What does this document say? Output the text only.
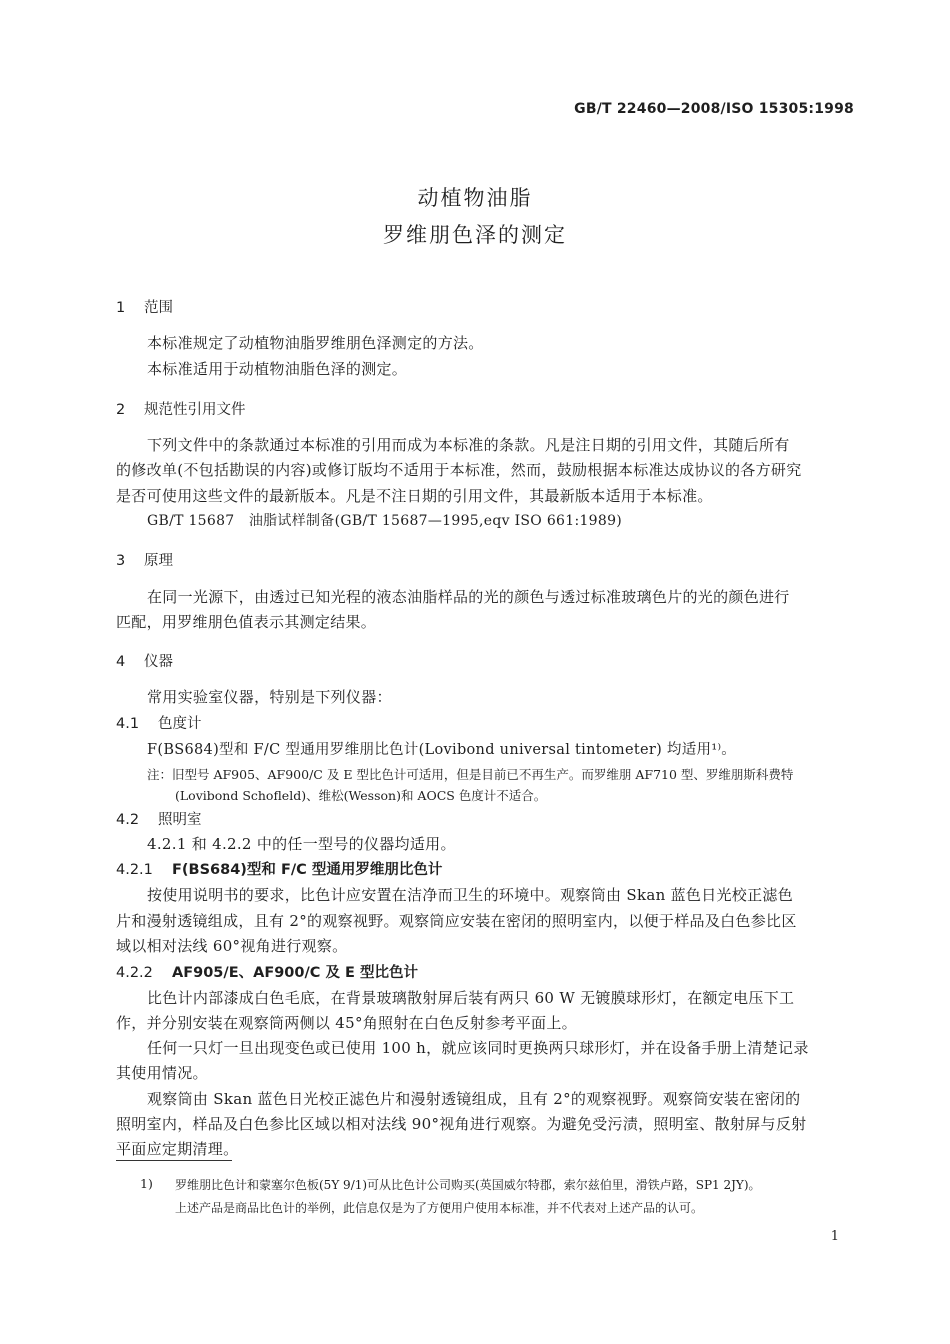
GB/T 22460—2008/ISO 15305:1998
动植物油脂
罗维朋色泽的测定
1 范围
本标准规定了动植物油脂罗维朋色泽测定的方法。
本标准适用于动植物油脂色泽的测定。
2 规范性引用文件
下列文件中的条款通过本标准的引用而成为本标准的条款。凡是注日期的引用文件，其随后所有
的修改单(不包括勘误的内容)或修订版均不适用于本标准，然而，鼓励根据本标准达成协议的各方研究
是否可使用这些文件的最新版本。凡是不注日期的引用文件，其最新版本适用于本标准。
GB/T 15687　油脂试样制备(GB/T 15687—1995,eqv ISO 661:1989)
3 原理
在同一光源下，由透过已知光程的液态油脂样品的光的颜色与透过标准玻璃色片的光的颜色进行
匹配，用罗维朋色值表示其测定结果。
4 仪器
常用实验室仪器，特别是下列仪器：
4.1 色度计
F(BS684)型和 F/C 型通用罗维朋比色计(Lovibond universal tintometer) 均适用¹⁾。
注：旧型号 AF905、AF900/C 及 E 型比色计可适用，但是目前已不再生产。而罗维朋 AF710 型、罗维朋斯科费特
(Lovibond Schofleld)、维松(Wesson)和 AOCS 色度计不适合。
4.2 照明室
4.2.1 和 4.2.2 中的任一型号的仪器均适用。
4.2.1 F(BS684)型和 F/C 型通用罗维朋比色计
按使用说明书的要求，比色计应安置在洁净而卫生的环境中。观察筒由 Skan 蓝色日光校正滤色
片和漫射透镜组成，且有 2°的观察视野。观察筒应安装在密闭的照明室内，以便于样品及白色参比区
域以相对法线 60°视角进行观察。
4.2.2 AF905/E、AF900/C 及 E 型比色计
比色计内部漆成白色毛底，在背景玻璃散射屏后装有两只 60 W 无镀膜球形灯，在额定电压下工
作，并分别安装在观察筒两侧以 45°角照射在白色反射参考平面上。
任何一只灯一旦出现变色或已使用 100 h，就应该同时更换两只球形灯，并在设备手册上清楚记录
其使用情况。
观察筒由 Skan 蓝色日光校正滤色片和漫射透镜组成，且有 2°的观察视野。观察筒安装在密闭的
照明室内，样品及白色参比区域以相对法线 90°视角进行观察。为避免受污渍，照明室、散射屏与反射
平面应定期清理。
1) 罗维朋比色计和蒙塞尔色板(5Y 9/1)可从比色计公司购买(英国威尔特郡，索尔兹伯里，滑铁卢路，SP1 2JY)。
上述产品是商品比色计的举例，此信息仅是为了方便用户使用本标准，并不代表对上述产品的认可。
1
